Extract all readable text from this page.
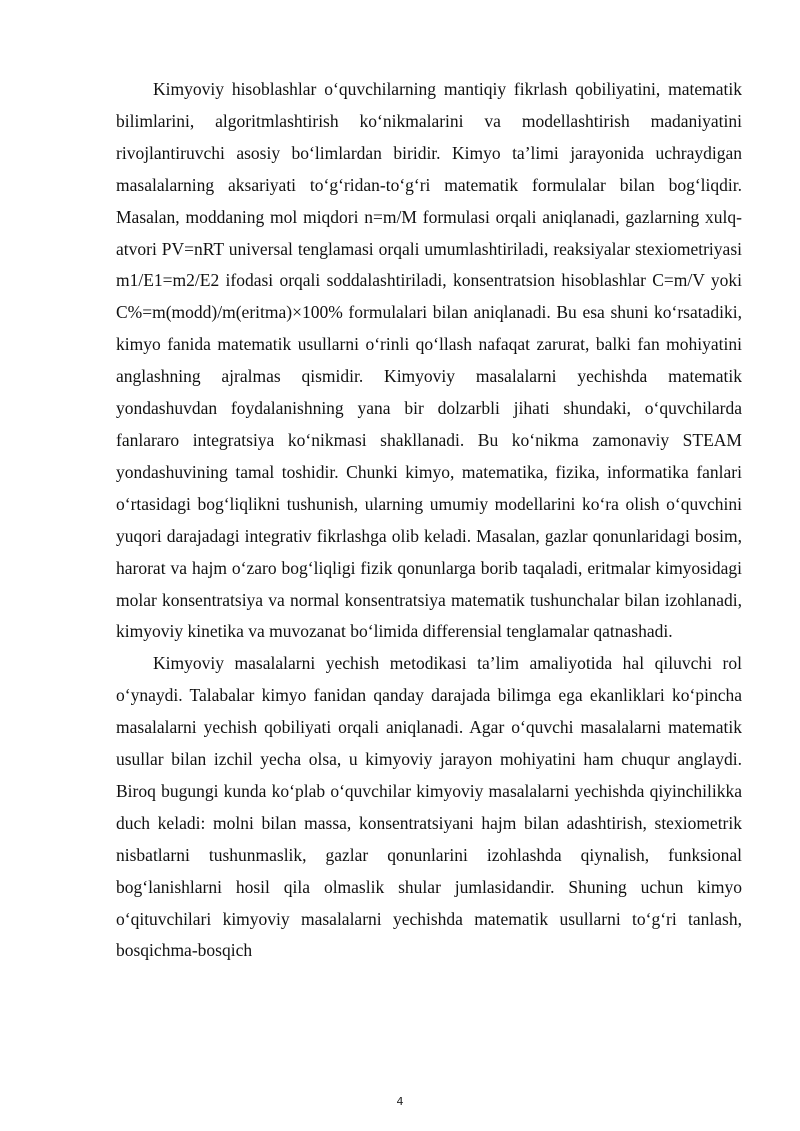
Kimyoviy hisoblashlar o‘quvchilarning mantiqiy fikrlash qobiliyatini, matematik bilimlarini, algoritmlashtirish ko‘nikmalarini va modellashtirish madaniyatini rivojlantiruvchi asosiy bo‘limlardan biridir. Kimyo ta’limi jarayonida uchraydigan masalalarning aksariyati to‘g‘ridan-to‘g‘ri matematik formulalar bilan bog‘liqdir. Masalan, moddaning mol miqdori n=m/M formulasi orqali aniqlanadi, gazlarning xulq-atvori PV=nRT universal tenglamasi orqali umumlashtiriladi, reaksiyalar stexiometriyasi m1/E1=m2/E2 ifodasi orqali soddalashtiriladi, konsentratsion hisoblashlar C=m/V yoki C%=m(modd)/m(eritma)×100% formulalari bilan aniqlanadi. Bu esa shuni ko‘rsatadiki, kimyo fanida matematik usullarni o‘rinli qo‘llash nafaqat zarurat, balki fan mohiyatini anglashning ajralmas qismidir. Kimyoviy masalalarni yechishda matematik yondashuvdan foydalanishning yana bir dolzarbli jihati shundaki, o‘quvchilarda fanlararo integratsiya ko‘nikmasi shakllanadi. Bu ko‘nikma zamonaviy STEAM yondashuvining tamal toshidir. Chunki kimyo, matematika, fizika, informatika fanlari o‘rtasidagi bog‘liqlikni tushunish, ularning umumiy modellarini ko‘ra olish o‘quvchini yuqori darajadagi integrativ fikrlashga olib keladi. Masalan, gazlar qonunlaridagi bosim, harorat va hajm o‘zaro bog‘liqligi fizik qonunlarga borib taqaladi, eritmalar kimyosidagi molar konsentratsiya va normal konsentratsiya matematik tushunchalar bilan izohlanadi, kimyoviy kinetika va muvozanat bo‘limida differensial tenglamalar qatnashadi.

Kimyoviy masalalarni yechish metodikasi ta’lim amaliyotida hal qiluvchi rol o‘ynaydi. Talabalar kimyo fanidan qanday darajada bilimga ega ekanliklari ko‘pincha masalalarni yechish qobiliyati orqali aniqlanadi. Agar o‘quvchi masalalarni matematik usullar bilan izchil yecha olsa, u kimyoviy jarayon mohiyatini ham chuqur anglaydi. Biroq bugungi kunda ko‘plab o‘quvchilar kimyoviy masalalarni yechishda qiyinchilikka duch keladi: molni bilan massa, konsentratsiyani hajm bilan adashtirish, stexiometrik nisbatlarni tushunmaslik, gazlar qonunlarini izohlashda qiynalish, funksional bog‘lanishlarni hosil qila olmaslik shular jumlasidandir. Shuning uchun kimyo o‘qituvchilari kimyoviy masalalarni yechishda matematik usullarni to‘g‘ri tanlash, bosqichma-bosqich

4
